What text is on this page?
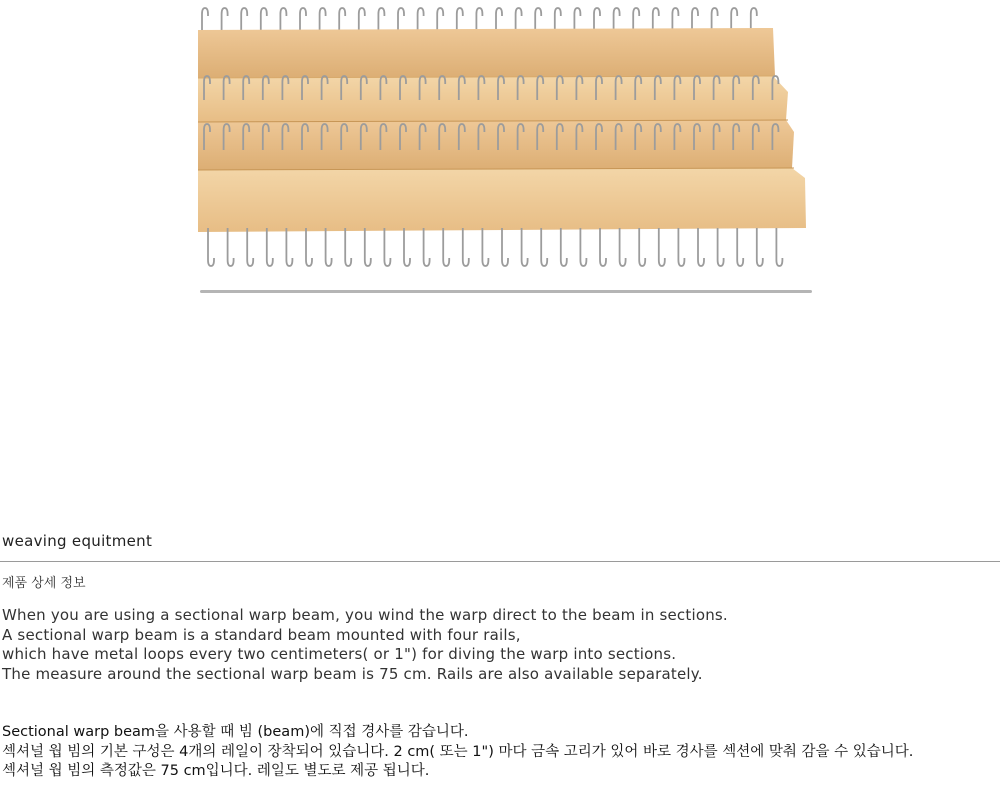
weaving equitment
제품 상세 정보
When you are using a sectional warp beam, you wind the warp direct to the beam in sections.
A sectional warp beam is a standard beam mounted with four rails,
which have metal loops every two centimeters( or 1") for diving the warp into sections.
The measure around the sectional warp beam is 75 cm. Rails are also available separately.
Sectional warp beam을 사용할 때 빔 (beam)에 직접 경사를 감습니다.
섹셔널 웝 빔의 기본 구성은 4개의 레일이 장착되어 있습니다. 2 cm( 또는 1") 마다 금속 고리가 있어 바로 경사를 섹션에 맞춰 감을 수 있습니다.
섹셔널 웝 빔의 측정값은 75 cm입니다. 레일도 별도로 제공 됩니다.
